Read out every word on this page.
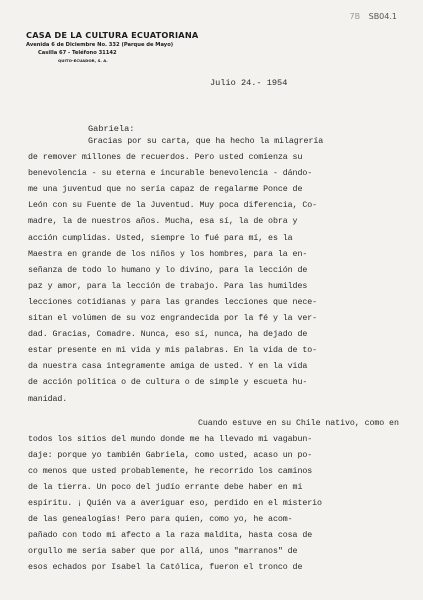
CASA DE LA CULTURA ECUATORIANA
Avenida 6 de Diciembre No. 332 (Parque de Mayo)
Casilla 67 - Teléfono 31142
QUITO-ECUADOR, S. A.
7B SB04.1
Julio 24.- 1954
Gabriela:
Gracias por su carta, que ha hecho la milagrería
de remover millones de recuerdos. Pero usted comienza su
benevolencia - su eterna e incurable benevolencia - dándo-
me una juventud que no sería capaz de regalarme Ponce de
León con su Fuente de la Juventud. Muy poca diferencia, Co-
madre, la de nuestros años. Mucha, esa sí, la de obra y
acción cumplidas. Usted, siempre lo fué para mí, es la
Maestra en grande de los niños y los hombres, para la en-
señanza de todo lo humano y lo divino, para la lección de
paz y amor, para la lección de trabajo. Para las humildes
lecciones cotidianas y para las grandes lecciones que nece-
sitan el volúmen de su voz engrandecida por la fé y la ver-
dad. Gracias, Comadre. Nunca, eso sí, nunca, ha dejado de
estar presente en mi vida y mis palabras. En la vida de to-
da nuestra casa integramente amiga de usted. Y en la vida
de acción política o de cultura o de simple y escueta hu-
manidad.
Cuando estuve en su Chile nativo, como en
todos los sitios del mundo donde me ha llevado mi vagabun-
daje: porque yo también Gabriela, como usted, acaso un po-
co menos que usted probablemente, he recorrido los caminos
de la tierra. Un poco del judío errante debe haber en mi
espíritu. ¡ Quién va a averiguar eso, perdido en el misterio
de las genealogías! Pero para quien, como yo, he acom-
pañado con todo mi afecto a la raza maldita, hasta cosa de
orgullo me sería saber que por allá, unos "marranos" de
esos echados por Isabel la Católica, fueron el tronco de
